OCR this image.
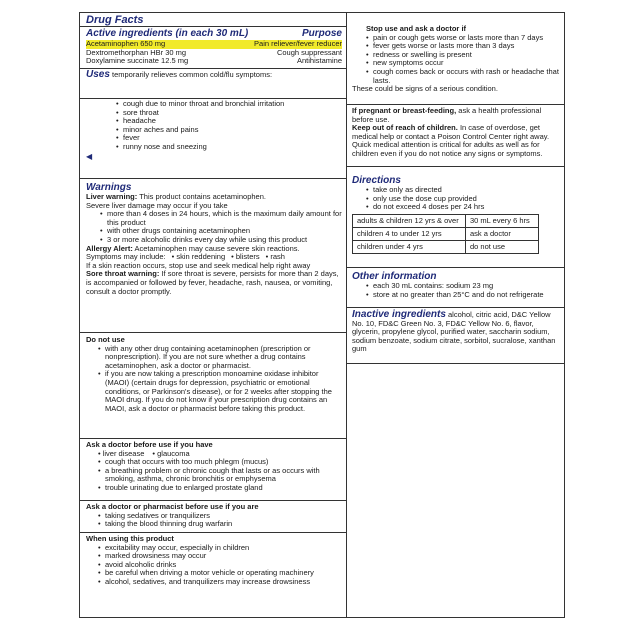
Drug Facts
Active ingredients (in each 30 mL)	Purpose
Acetaminophen 650 mg	Pain reliever/fever reducer
Dextromethorphan HBr 30 mg	Cough suppressant
Doxylamine succinate 12.5 mg	Antihistamine
Uses temporarily relieves common cold/flu symptoms:
• cough due to minor throat and bronchial irritation
• sore throat
• headache
• minor aches and pains
• fever
• runny nose and sneezing
◀
Warnings
Liver warning: This product contains acetaminophen.
Severe liver damage may occur if you take
• more than 4 doses in 24 hours, which is the maximum daily amount for this product
• with other drugs containing acetaminophen
• 3 or more alcoholic drinks every day while using this product
Allergy Alert: Acetaminophen may cause severe skin reactions.
Symptoms may include: • skin reddening • blisters • rash
If a skin reaction occurs, stop use and seek medical help right away
Sore throat warning: If sore throat is severe, persists for more than 2 days, is accompanied or followed by fever, headache, rash, nausea, or vomiting, consult a doctor promptly.
Do not use
• with any other drug containing acetaminophen (prescription or nonprescription). If you are not sure whether a drug contains acetaminophen, ask a doctor or pharmacist.
• if you are now taking a prescription monoamine oxidase inhibitor (MAOI) (certain drugs for depression, psychiatric or emotional conditions, or Parkinson's disease), or for 2 weeks after stopping the MAOI drug. If you do not know if your prescription drug contains an MAOI, ask a doctor or pharmacist before taking this product.
Ask a doctor before use if you have
• liver disease • glaucoma
• cough that occurs with too much phlegm (mucus)
• a breathing problem or chronic cough that lasts or as occurs with smoking, asthma, chronic bronchitis or emphysema
• trouble urinating due to enlarged prostate gland
Ask a doctor or pharmacist before use if you are
• taking sedatives or tranquilizers
• taking the blood thinning drug warfarin
When using this product
• excitability may occur, especially in children
• marked drowsiness may occur
• avoid alcoholic drinks
• be careful when driving a motor vehicle or operating machinery
• alcohol, sedatives, and tranquilizers may increase drowsiness
Stop use and ask a doctor if
• pain or cough gets worse or lasts more than 7 days
• fever gets worse or lasts more than 3 days
• redness or swelling is present
• new symptoms occur
• cough comes back or occurs with rash or headache that lasts.
These could be signs of a serious condition.
If pregnant or breast-feeding, ask a health professional before use.
Keep out of reach of children. In case of overdose, get medical help or contact a Poison Control Center right away. Quick medical attention is critical for adults as well as for children even if you do not notice any signs or symptoms.
Directions
• take only as directed
• only use the dose cup provided
• do not exceed 4 doses per 24 hrs
adults & children 12 yrs & over	30 mL every 6 hrs
children 4 to under 12 yrs	ask a doctor
children under 4 yrs	do not use
Other information
• each 30 mL contains: sodium 23 mg
• store at no greater than 25°C and do not refrigerate
Inactive ingredients alcohol, citric acid, D&C Yellow No. 10, FD&C Green No. 3, FD&C Yellow No. 6, flavor, glycerin, propylene glycol, purified water, saccharin sodium, sodium benzoate, sodium citrate, sorbitol, sucralose, xanthan gum
